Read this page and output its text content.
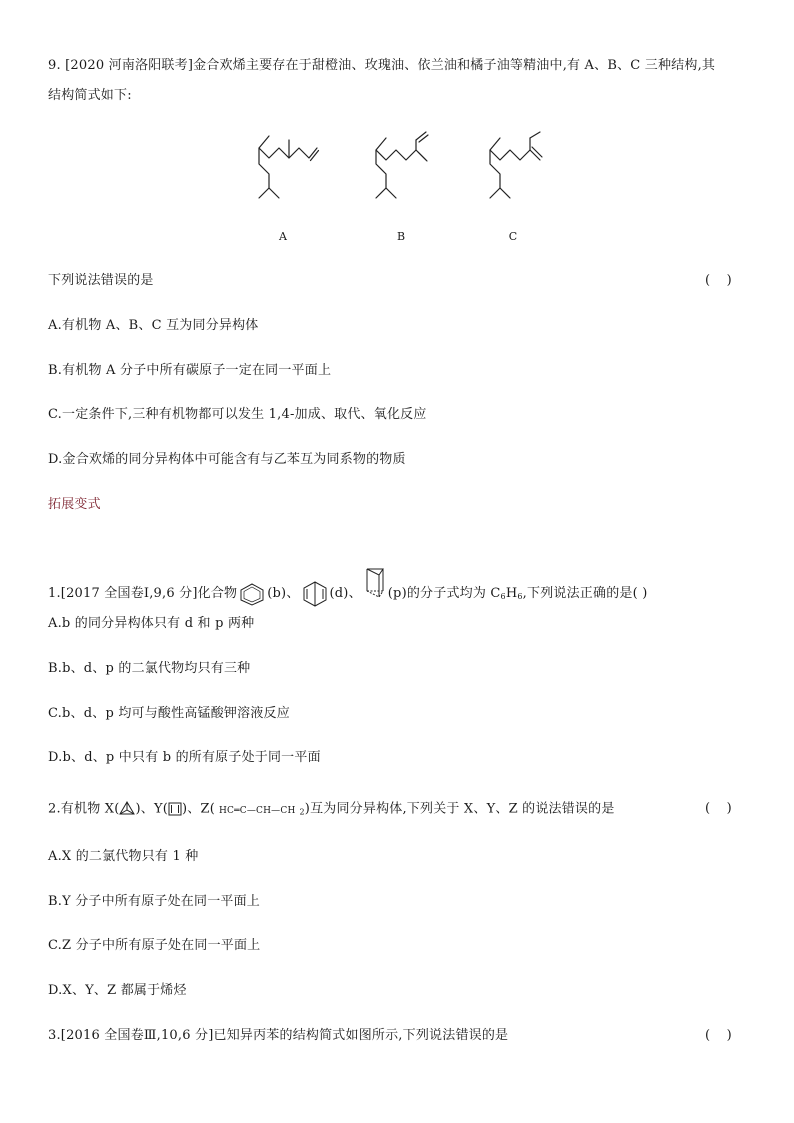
9. [2020 河南洛阳联考]金合欢烯主要存在于甜橙油、玫瑰油、依兰油和橘子油等精油中,有 A、B、C 三种结构,其
结构简式如下:
A	B	C
下列说法错误的是	(    )
A.有机物 A、B、C 互为同分异构体
B.有机物 A 分子中所有碳原子一定在同一平面上
C.一定条件下,三种有机物都可以发生 1,4-加成、取代、氧化反应
D.金合欢烯的同分异构体中可能含有与乙苯互为同系物的物质
拓展变式
1.[2017 全国卷Ⅰ,9,6 分]化合物 (b)、 (d)、 (p)的分子式均为 $C_6H_6$,下列说法正确的是( )
A.b 的同分异构体只有 d 和 p 两种
B.b、d、p 的二氯代物均只有三种
C.b、d、p 均可与酸性高锰酸钾溶液反应
D.b、d、p 中只有 b 的所有原子处于同一平面
2.有机物 X( )、Y( )、Z( HC═C—CH—CH $_2$)互为同分异构体,下列关于 X、Y、Z 的说法错误的是	(    )
A.X 的二氯代物只有 1 种
B.Y 分子中所有原子处在同一平面上
C.Z 分子中所有原子处在同一平面上
D.X、Y、Z 都属于烯烃
3.[2016 全国卷Ⅲ,10,6 分]已知异丙苯的结构简式如图所示,下列说法错误的是	(    )
